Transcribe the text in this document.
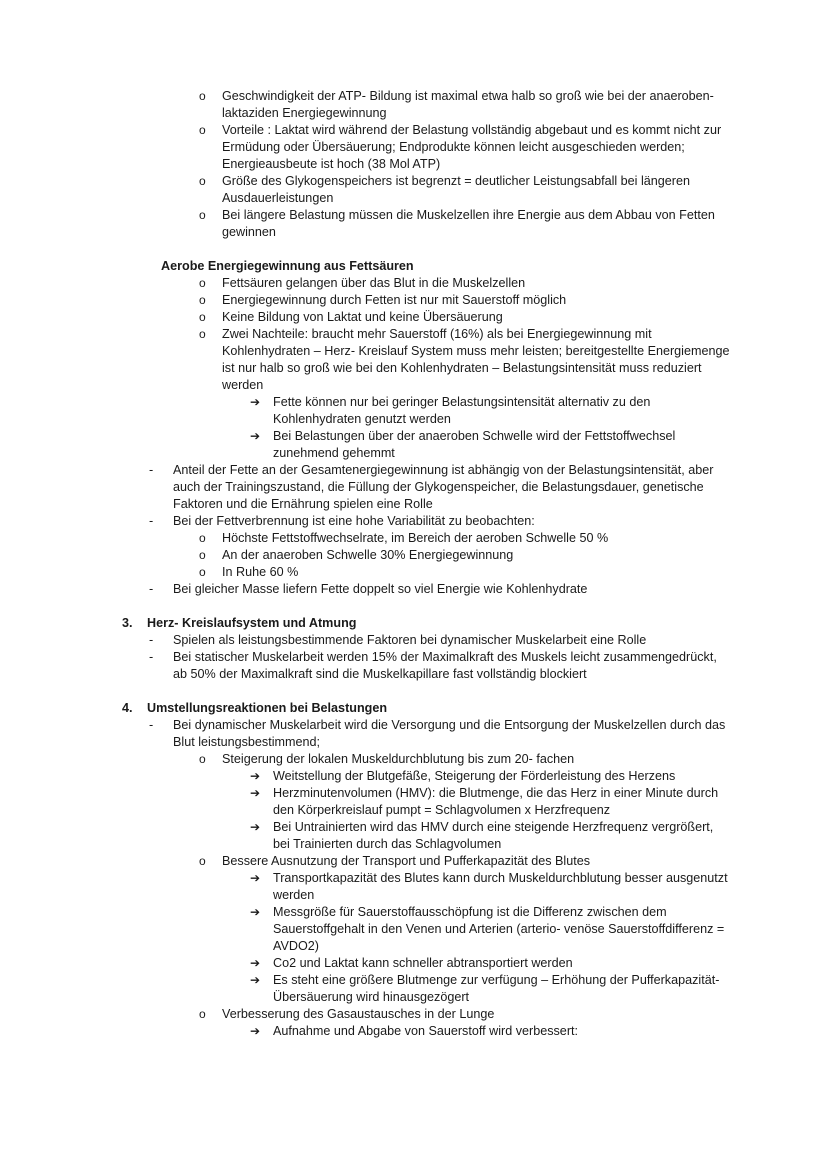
o Geschwindigkeit der ATP- Bildung ist maximal etwa halb so groß wie bei der anaeroben-laktaziden Energiegewinnung
o Vorteile : Laktat wird während der Belastung vollständig abgebaut und es kommt nicht zur Ermüdung oder Übersäuerung; Endprodukte können leicht ausgeschieden werden; Energieausbeute ist hoch (38 Mol ATP)
o Größe des Glykogenspeichers ist begrenzt = deutlicher Leistungsabfall bei längeren Ausdauerleistungen
o Bei längere Belastung müssen die Muskelzellen ihre Energie aus dem Abbau von Fetten gewinnen
Aerobe Energiegewinnung aus Fettsäuren
o Fettsäuren gelangen über das Blut in die Muskelzellen
o Energiegewinnung durch Fetten ist nur mit Sauerstoff möglich
o Keine Bildung von Laktat und keine Übersäuerung
o Zwei Nachteile: braucht mehr Sauerstoff (16%) als bei Energiegewinnung mit Kohlenhydraten – Herz- Kreislauf System muss mehr leisten; bereitgestellte Energiemenge ist nur halb so groß wie bei den Kohlenhydraten – Belastungsintensität muss reduziert werden
➔ Fette können nur bei geringer Belastungsintensität alternativ zu den Kohlenhydraten genutzt werden
➔ Bei Belastungen über der anaeroben Schwelle wird der Fettstoffwechsel zunehmend gehemmt
- Anteil der Fette an der Gesamtenergiegewinnung ist abhängig von der Belastungsintensität, aber auch der Trainingszustand, die Füllung der Glykogenspeicher, die Belastungsdauer, genetische Faktoren und die Ernährung spielen eine Rolle
- Bei der Fettverbrennung ist eine hohe Variabilität zu beobachten:
o Höchste Fettstoffwechselrate, im Bereich der aeroben Schwelle 50 %
o An der anaeroben Schwelle 30% Energiegewinnung
o In Ruhe 60 %
- Bei gleicher Masse liefern Fette doppelt so viel Energie wie Kohlenhydrate
3. Herz- Kreislaufsystem und Atmung
- Spielen als leistungsbestimmende Faktoren bei dynamischer Muskelarbeit eine Rolle
- Bei statischer Muskelarbeit werden 15% der Maximalkraft des Muskels leicht zusammengedrückt, ab 50% der Maximalkraft sind die Muskelkapillare fast vollständig blockiert
4. Umstellungsreaktionen bei Belastungen
- Bei dynamischer Muskelarbeit wird die Versorgung und die Entsorgung der Muskelzellen durch das Blut leistungsbestimmend;
o Steigerung der lokalen Muskeldurchblutung bis zum 20- fachen
➔ Weitstellung der Blutgefäße, Steigerung der Förderleistung des Herzens
➔ Herzminutenvolumen (HMV): die Blutmenge, die das Herz in einer Minute durch den Körperkreislauf pumpt = Schlagvolumen x Herzfrequenz
➔ Bei Untrainierten wird das HMV durch eine steigende Herzfrequenz vergrößert, bei Trainierten durch das Schlagvolumen
o Bessere Ausnutzung der Transport und Pufferkapazität des Blutes
➔ Transportkapazität des Blutes kann durch Muskeldurchblutung besser ausgenutzt werden
➔ Messgröße für Sauerstoffausschöpfung ist die Differenz zwischen dem Sauerstoffgehalt in den Venen und Arterien (arterio- venöse Sauerstoffdifferenz = AVDO2)
➔ Co2 und Laktat kann schneller abtransportiert werden
➔ Es steht eine größere Blutmenge zur verfügung – Erhöhung der Pufferkapazität- Übersäuerung wird hinausgezögert
o Verbesserung des Gasaustausches in der Lunge
➔ Aufnahme und Abgabe von Sauerstoff wird verbessert:
